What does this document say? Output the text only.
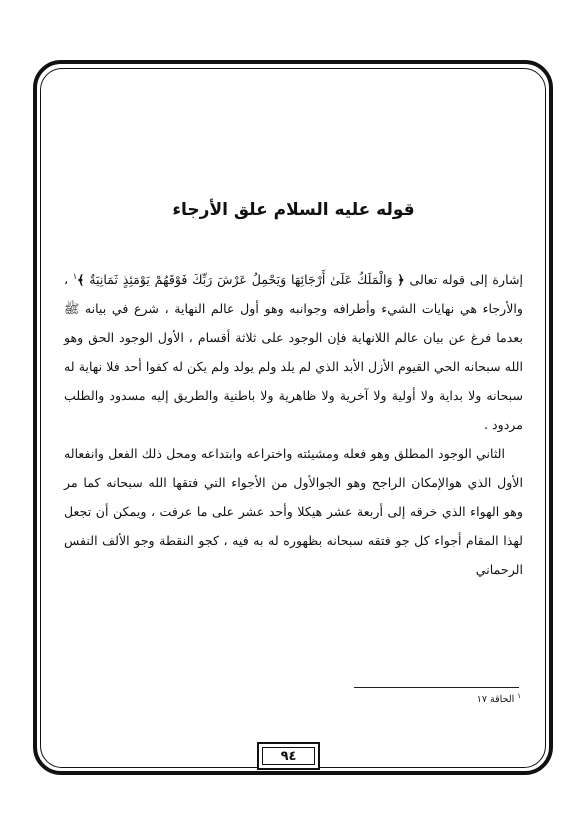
قوله عليه السلام علق الأرجاء

إشارة إلى قوله تعالى ﴿ وَالْمَلَكُ عَلَىٰ أَرْجَائِهَا وَيَحْمِلُ عَرْشَ رَبِّكَ فَوْقَهُمْ يَوْمَئِذٍ ثَمَانِيَةٌ ﴾$^١$ ، والأرجاء هي نهايات الشيء وأطرافه وجوانبه وهو أول عالم النهاية ، شرع في بيانه ﷺ بعدما فرغ عن بيان عالم اللانهاية فإن الوجود على ثلاثة أقسام ، الأول الوجود الحق وهو الله سبحانه الحي القيوم الأزل الأبد الذي لم يلد ولم يولد ولم يكن له كفوا أحد فلا نهاية له سبحانه ولا بداية ولا أولية ولا آخرية ولا ظاهرية ولا باطنية والطريق إليه مسدود والطلب مردود .

الثاني الوجود المطلق وهو فعله ومشيئته واختراعه وابتداعه ومحل ذلك الفعل وانفعاله الأول الذي هوالإمكان الراجح وهو الجوالأول من الأجواء التي فتقها الله سبحانه كما مر وهو الهواء الذي خرقه إلى أربعة عشر هيكلا وأحد عشر على ما عرفت ، ويمكن أن تجعل لهذا المقام أجواء كل جو فتقه سبحانه بظهوره له به فيه ، كجو النقطة وجو الألف النفس الرحماني

$^١$الحاقة ١٧
٩٤
